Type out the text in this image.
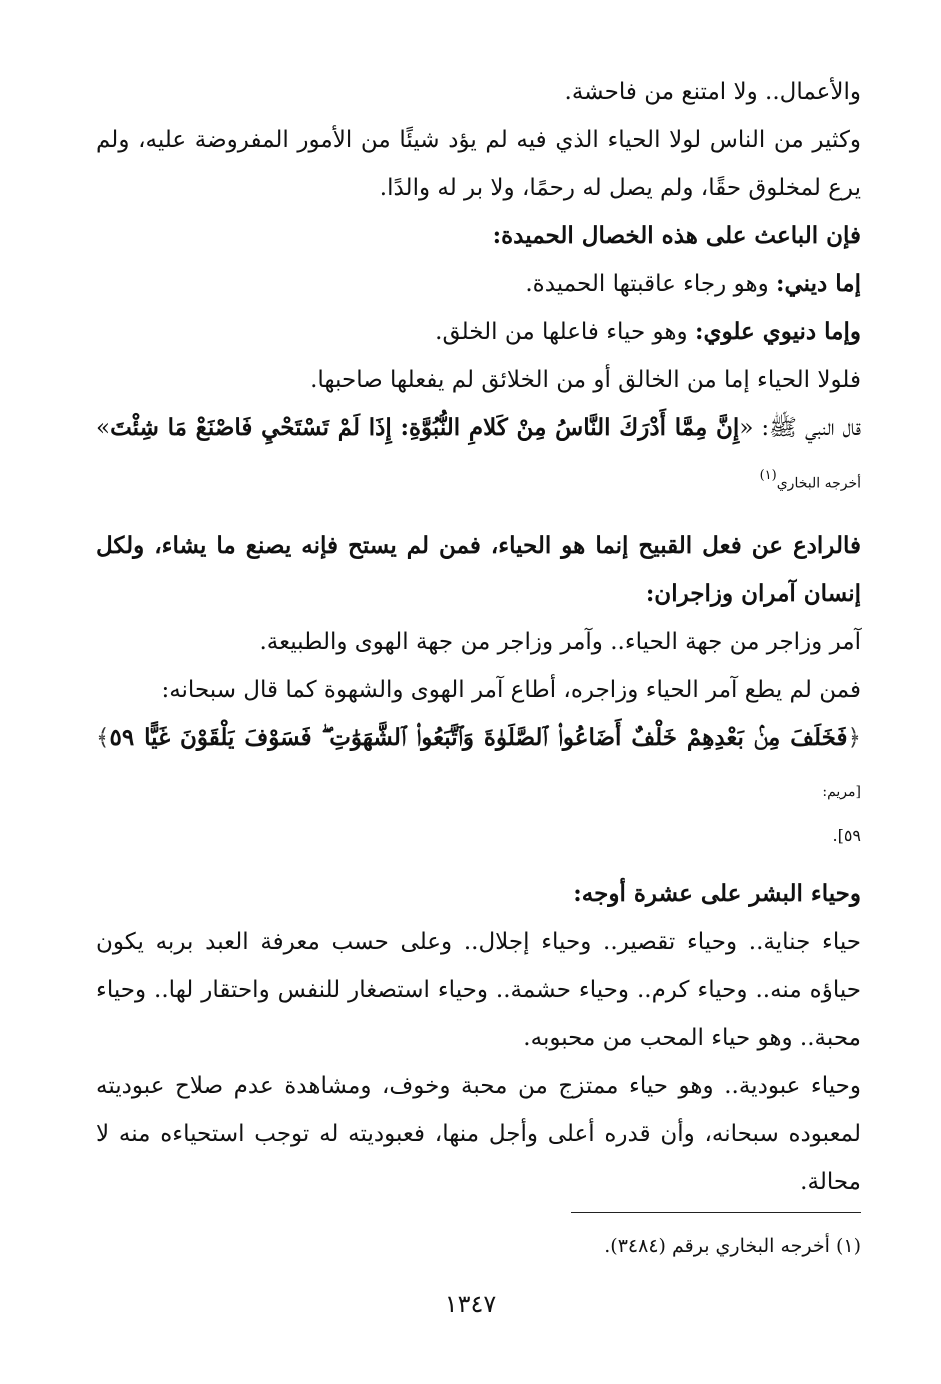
والأعمال.. ولا امتنع من فاحشة.

وكثير من الناس لولا الحياء الذي فيه لم يؤد شيئًا من الأمور المفروضة عليه، ولم يرع لمخلوق حقًا، ولم يصل له رحمًا، ولا بر له والدًا.

فإن الباعث على هذه الخصال الحميدة:

إما ديني: وهو رجاء عاقبتها الحميدة.

وإما دنيوي علوي: وهو حياء فاعلها من الخلق.

فلولا الحياء إما من الخالق أو من الخلائق لم يفعلها صاحبها.

قال النبي ﷺ: «إِنَّ مِمَّا أَدْرَكَ النَّاسُ مِنْ كَلامِ النُّبُوَّةِ: إِذَا لَمْ تَسْتَحْيِ فَاصْنَعْ مَا شِئْتَ» أخرجه البخاري$^{(١)}$

فالرادع عن فعل القبيح إنما هو الحياء، فمن لم يستح فإنه يصنع ما يشاء، ولكل إنسان آمران وزاجران:

آمر وزاجر من جهة الحياء.. وآمر وزاجر من جهة الهوى والطبيعة.

فمن لم يطع آمر الحياء وزاجره، أطاع آمر الهوى والشهوة كما قال سبحانه:

﴿فَخَلَفَ مِنۢ بَعْدِهِمْ خَلْفٌ أَضَاعُوا۟ ٱلصَّلَوٰةَ وَٱتَّبَعُوا۟ ٱلشَّهَوَٰتِ ۖ فَسَوْفَ يَلْقَوْنَ غَيًّا ٥٩﴾ [مريم:

٥٩].

وحياء البشر على عشرة أوجه:

حياء جناية.. وحياء تقصير.. وحياء إجلال.. وعلى حسب معرفة العبد بربه يكون حياؤه منه.. وحياء كرم.. وحياء حشمة.. وحياء استصغار للنفس واحتقار لها.. وحياء محبة.. وهو حياء المحب من محبوبه.

وحياء عبودية.. وهو حياء ممتزج من محبة وخوف، ومشاهدة عدم صلاح عبوديته لمعبوده سبحانه، وأن قدره أعلى وأجل منها، فعبوديته له توجب استحياءه منه لا محالة.

(١) أخرجه البخاري برقم (٣٤٨٤).
١٣٤٧
